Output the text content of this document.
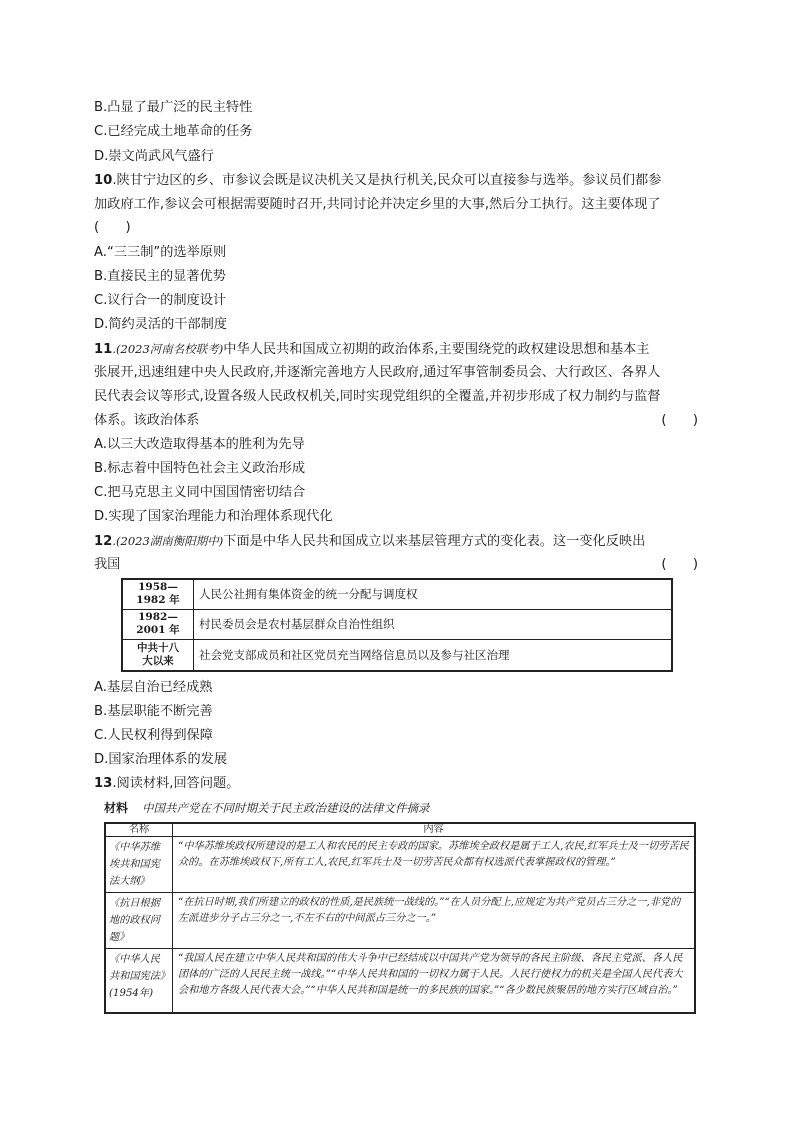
B.凸显了最广泛的民主特性
C.已经完成土地革命的任务
D.崇文尚武风气盛行
10.陕甘宁边区的乡、市参议会既是议决机关又是执行机关,民众可以直接参与选举。参议员们都参
加政府工作,参议会可根据需要随时召开,共同讨论并决定乡里的大事,然后分工执行。这主要体现了
(　　)
A.“三三制”的选举原则
B.直接民主的显著优势
C.议行合一的制度设计
D.简约灵活的干部制度
11.(2023河南名校联考)中华人民共和国成立初期的政治体系,主要围绕党的政权建设思想和基本主
张展开,迅速组建中央人民政府,并逐渐完善地方人民政府,通过军事管制委员会、大行政区、各界人
民代表会议等形式,设置各级人民政权机关,同时实现党组织的全覆盖,并初步形成了权力制约与监督
体系。该政治体系	(　　)
A.以三大改造取得基本的胜利为先导
B.标志着中国特色社会主义政治形成
C.把马克思主义同中国国情密切结合
D.实现了国家治理能力和治理体系现代化
12.(2023湖南衡阳期中)下面是中华人民共和国成立以来基层管理方式的变化表。这一变化反映出
我国	(　　)
1958—
1982 年	人民公社拥有集体资金的统一分配与调度权
1982—
2001 年	村民委员会是农村基层群众自治性组织
中共十八
大以来	社会党支部成员和社区党员充当网络信息员以及参与社区治理
A.基层自治已经成熟
B.基层职能不断完善
C.人民权利得到保障
D.国家治理体系的发展
13.阅读材料,回答问题。
材料 中国共产党在不同时期关于民主政治建设的法律文件摘录
名称	内容
《中华苏维埃共和国宪法大纲》	“中华苏维埃政权所建设的是工人和农民的民主专政的国家。苏维埃全政权是属于工人,农民,红军兵士及一切劳苦民众的。在苏维埃政权下,所有工人,农民,红军兵士及一切劳苦民众都有权选派代表掌握政权的管理。”
《抗日根据地的政权问题》	“在抗日时期,我们所建立的政权的性质,是民族统一战线的。”“在人员分配上,应规定为共产党员占三分之一,非党的左派进步分子占三分之一,不左不右的中间派占三分之一。”
《中华人民共和国宪法》(1954年)	“我国人民在建立中华人民共和国的伟大斗争中已经结成以中国共产党为领导的各民主阶级、各民主党派、各人民团体的广泛的人民民主统一战线。”“中华人民共和国的一切权力属于人民。人民行使权力的机关是全国人民代表大会和地方各级人民代表大会。”“中华人民共和国是统一的多民族的国家。”“各少数民族聚居的地方实行区域自治。”
